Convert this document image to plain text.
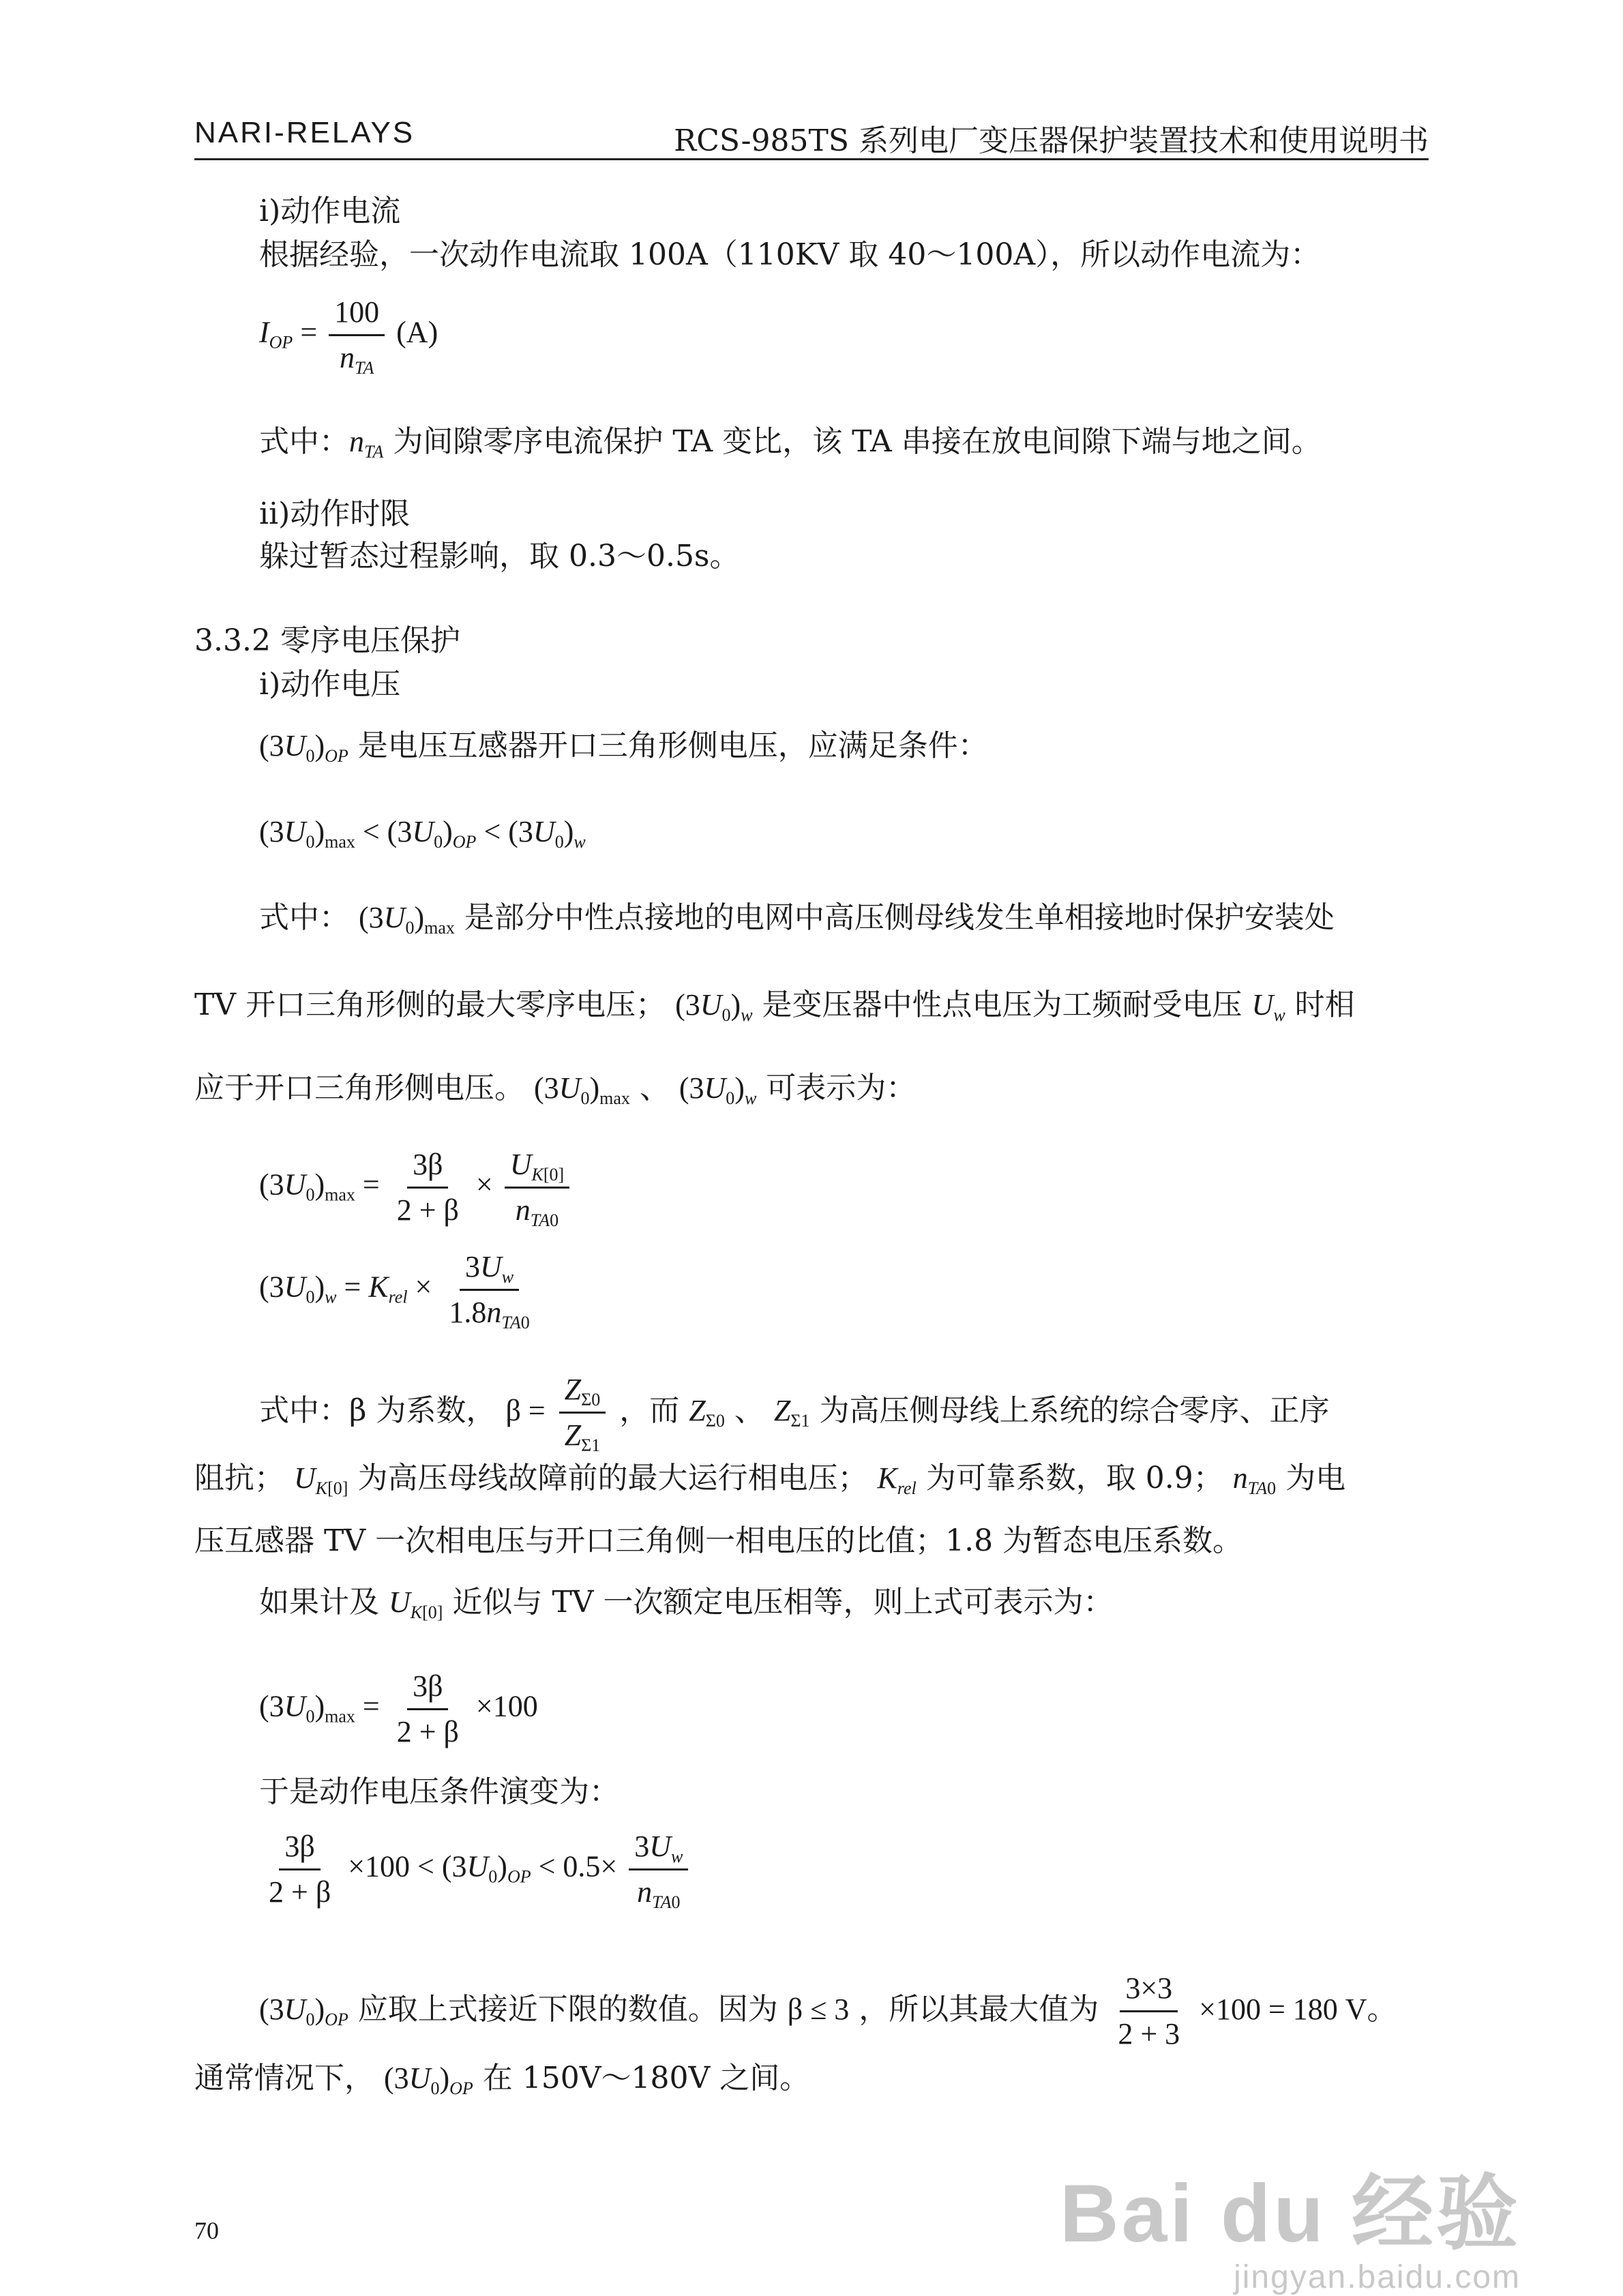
NARI-RELAYS	RCS-985TS 系列电厂变压器保护装置技术和使用说明书
i)动作电流
根据经验，一次动作电流取 100A（110KV 取 40～100A），所以动作电流为：
$I_{OP} = \frac{100}{n_{TA}} (A)$
式中：$n_{TA}$ 为间隙零序电流保护 TA 变比，该 TA 串接在放电间隙下端与地之间。
ii)动作时限
躲过暂态过程影响，取 0.3～0.5s。
3.3.2 零序电压保护
i)动作电压
$(3U_0)_{OP}$ 是电压互感器开口三角形侧电压，应满足条件：
$(3U_0)_{max} < (3U_0)_{OP} < (3U_0)_w$
式中： $(3U_0)_{max}$ 是部分中性点接地的电网中高压侧母线发生单相接地时保护安装处
TV 开口三角形侧的最大零序电压； $(3U_0)_w$ 是变压器中性点电压为工频耐受电压 $U_w$ 时相
应于开口三角形侧电压。 $(3U_0)_{max}$ 、 $(3U_0)_w$ 可表示为：
$(3U_0)_{max} = \frac{3\beta}{2 + \beta} \times \frac{U_{K[0]}}{n_{TA0}}$
$(3U_0)_w = K_{rel} \times \frac{3U_w}{1.8n_{TA0}}$
式中：β 为系数， $\beta = \frac{Z_{\Sigma 0}}{Z_{\Sigma 1}}$ ，而 $Z_{\Sigma 0}$ 、 $Z_{\Sigma 1}$ 为高压侧母线上系统的综合零序、正序
阻抗； $U_{K[0]}$ 为高压母线故障前的最大运行相电压； $K_{rel}$ 为可靠系数，取 0.9； $n_{TA0}$ 为电
压互感器 TV 一次相电压与开口三角侧一相电压的比值；1.8 为暂态电压系数。
如果计及 $U_{K[0]}$ 近似与 TV 一次额定电压相等，则上式可表示为：
$(3U_0)_{max} = \frac{3\beta}{2 + \beta} \times 100$
于是动作电压条件演变为：
$\frac{3\beta}{2 + \beta} \times 100 < (3U_0)_{OP} < 0.5\times \frac{3U_w}{n_{TA0}}$
$(3U_0)_{OP}$ 应取上式接近下限的数值。因为 β ≤ 3 ，所以其最大值为 $\frac{3\times 3}{2 + 3} \times 100 = 180$ V。
通常情况下， $(3U_0)_{OP}$ 在 150V～180V 之间。
70	Bai du 经验
jingyan.baidu.com
